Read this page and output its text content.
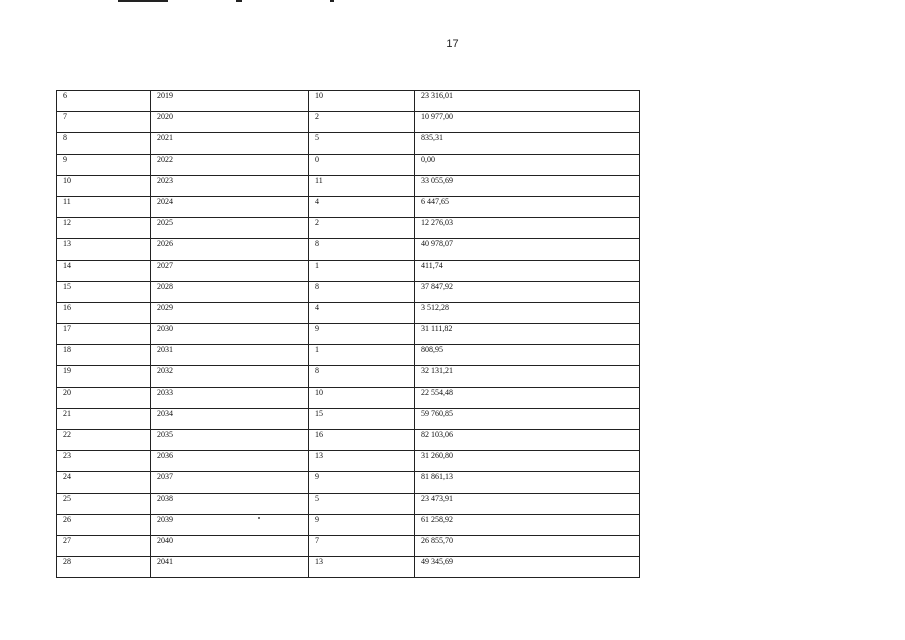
17
6	2019	10	23 316,01
7	2020	2	10 977,00
8	2021	5	835,31
9	2022	0	0,00
10	2023	11	33 055,69
11	2024	4	6 447,65
12	2025	2	12 276,03
13	2026	8	40 978,07
14	2027	1	411,74
15	2028	8	37 847,92
16	2029	4	3 512,28
17	2030	9	31 111,82
18	2031	1	808,95
19	2032	8	32 131,21
20	2033	10	22 554,48
21	2034	15	59 760,85
22	2035	16	82 103,06
23	2036	13	31 260,80
24	2037	9	81 861,13
25	2038	5	23 473,91
26	2039	9	61 258,92
27	2040	7	26 855,70
28	2041	13	49 345,69
